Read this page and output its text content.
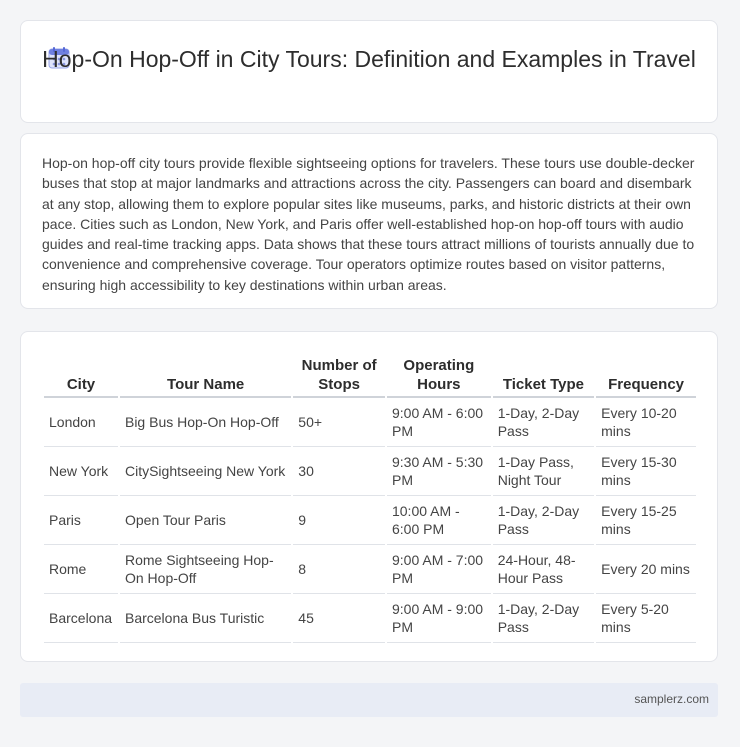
Hop-On Hop-Off in City Tours: Definition and Examples in Travel
Hop-on hop-off city tours provide flexible sightseeing options for travelers. These tours use double-decker buses that stop at major landmarks and attractions across the city. Passengers can board and disembark at any stop, allowing them to explore popular sites like museums, parks, and historic districts at their own pace. Cities such as London, New York, and Paris offer well-established hop-on hop-off tours with audio guides and real-time tracking apps. Data shows that these tours attract millions of tourists annually due to convenience and comprehensive coverage. Tour operators optimize routes based on visitor patterns, ensuring high accessibility to key destinations within urban areas.
City	Tour Name	Number of Stops	Operating Hours	Ticket Type	Frequency
London	Big Bus Hop-On Hop-Off	50+	9:00 AM - 6:00 PM	1-Day, 2-Day Pass	Every 10-20 mins
New York	CitySightseeing New York	30	9:30 AM - 5:30 PM	1-Day Pass, Night Tour	Every 15-30 mins
Paris	Open Tour Paris	9	10:00 AM - 6:00 PM	1-Day, 2-Day Pass	Every 15-25 mins
Rome	Rome Sightseeing Hop-On Hop-Off	8	9:00 AM - 7:00 PM	24-Hour, 48-Hour Pass	Every 20 mins
Barcelona	Barcelona Bus Turistic	45	9:00 AM - 9:00 PM	1-Day, 2-Day Pass	Every 5-20 mins
samplerz.com
